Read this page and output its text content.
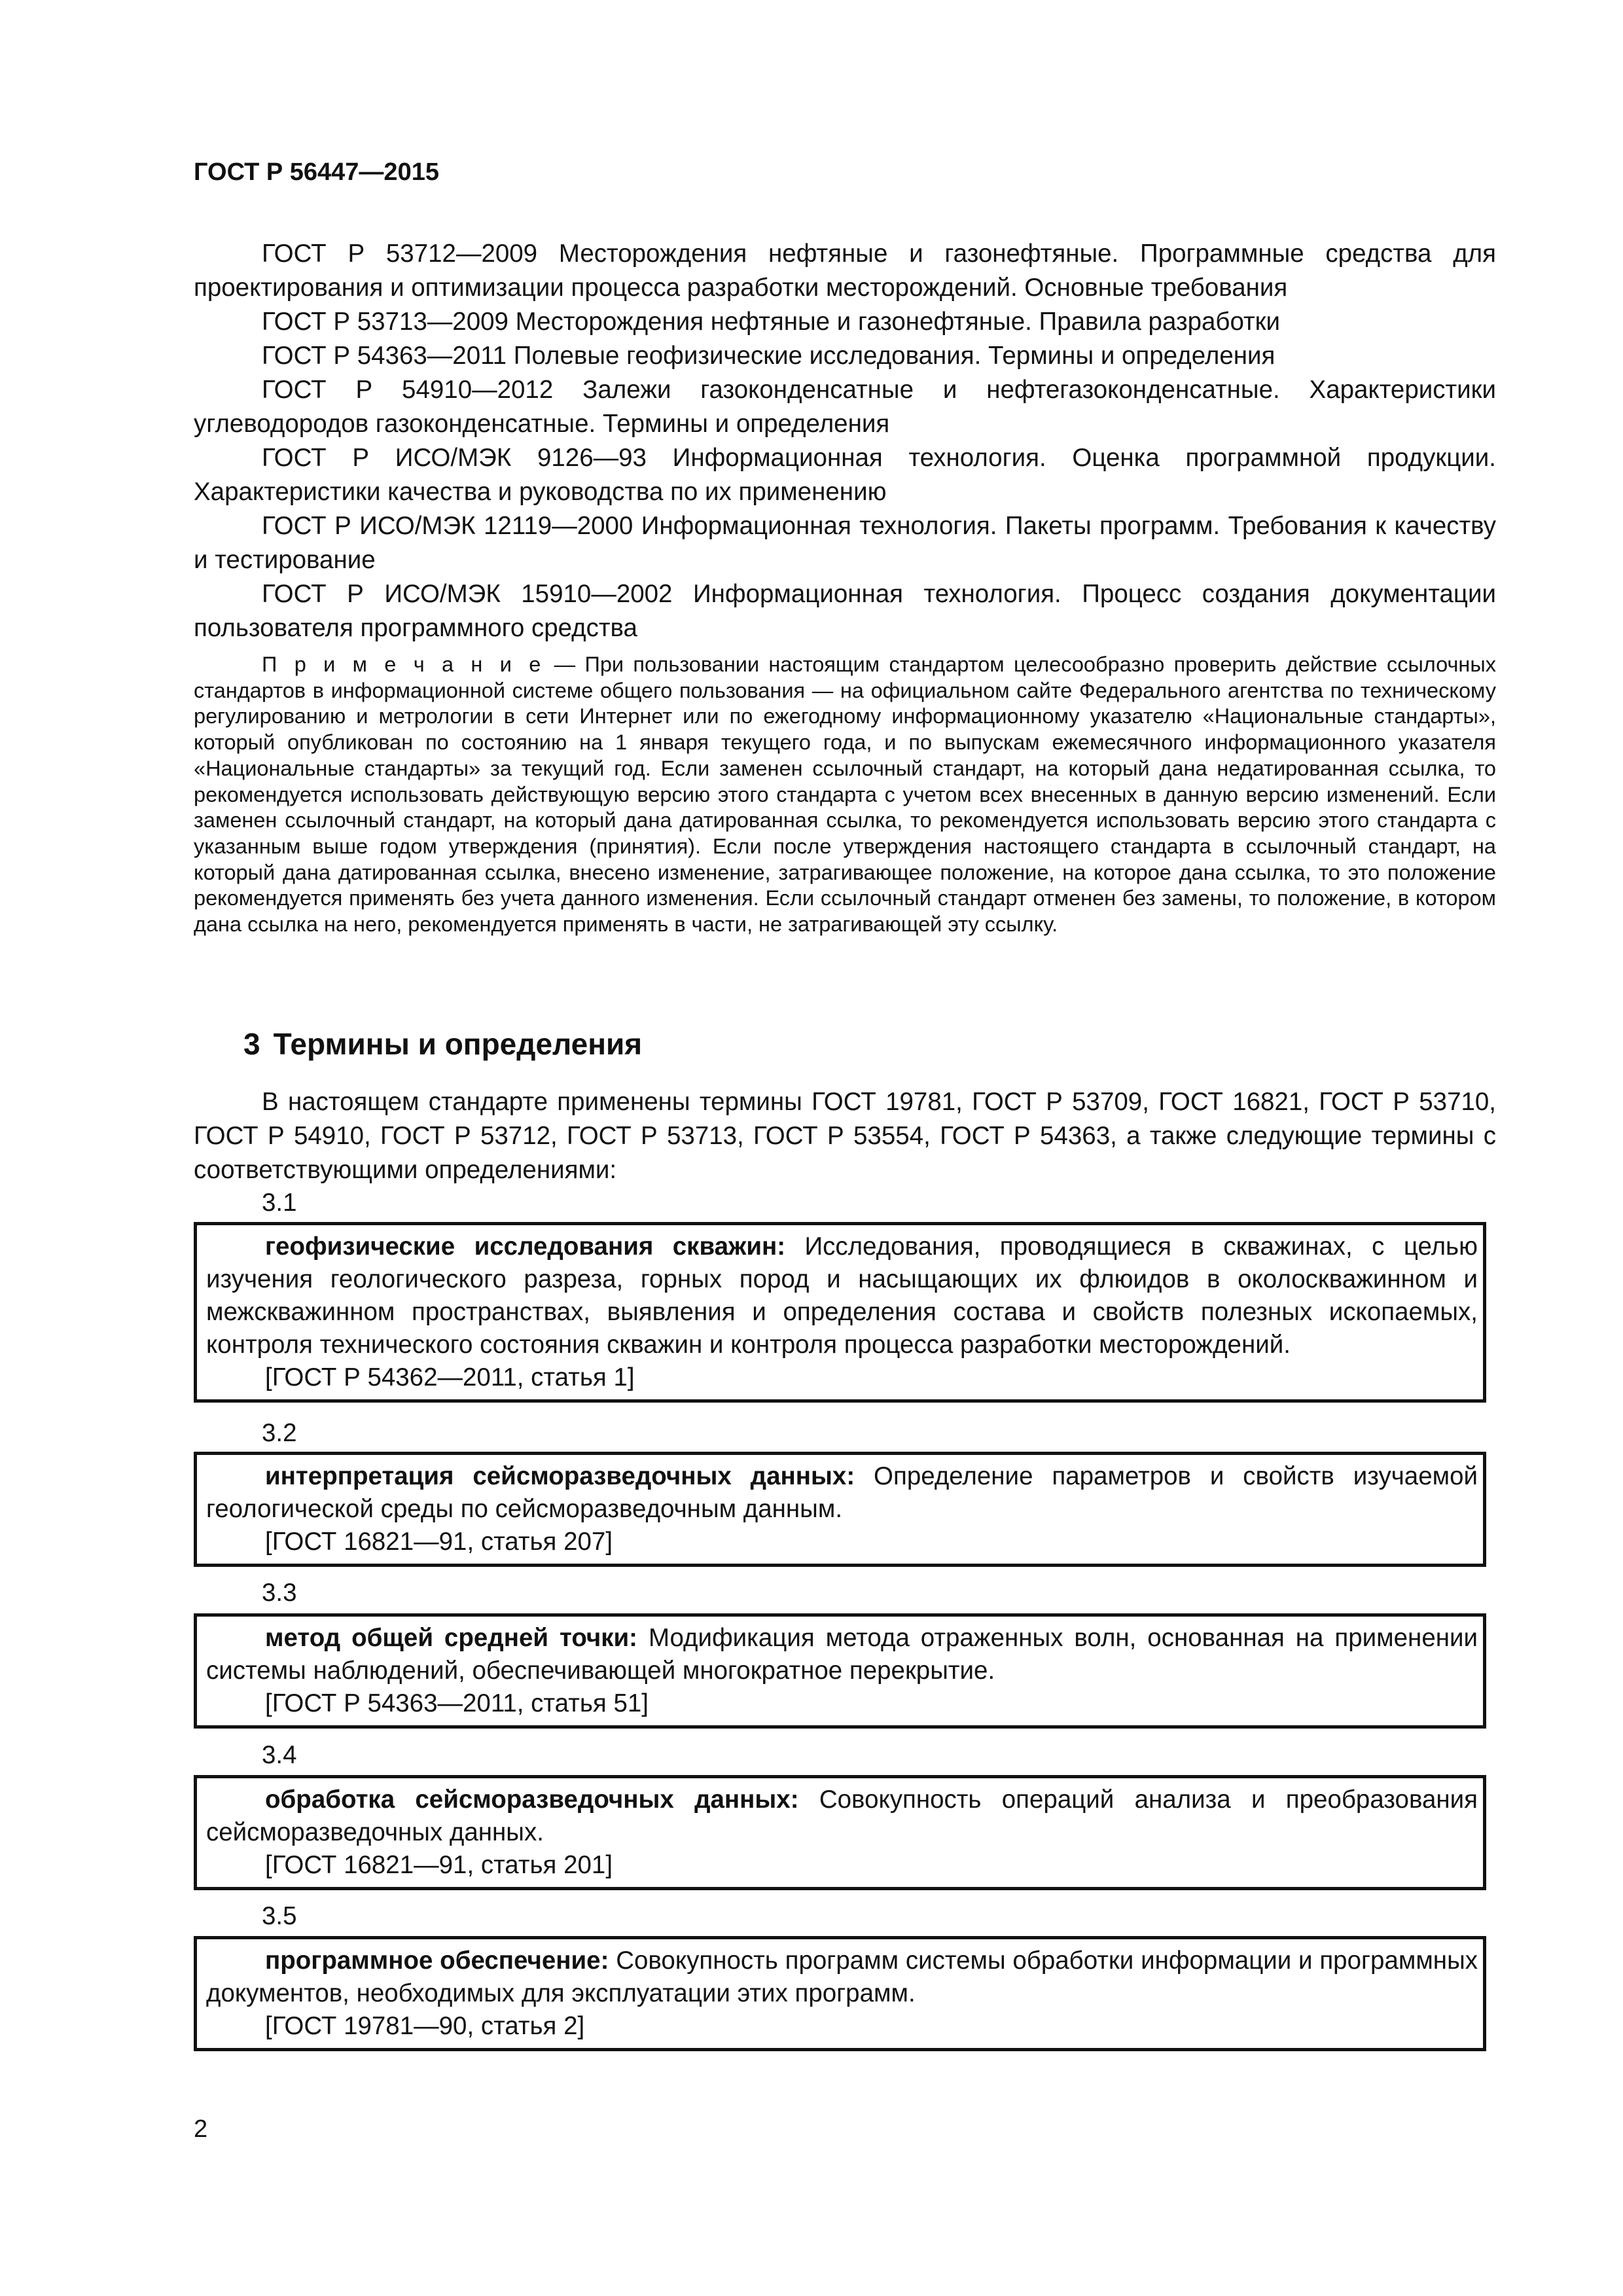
ГОСТ Р 56447—2015

ГОСТ Р 53712—2009 Месторождения нефтяные и газонефтяные. Программные средства для проектирования и оптимизации процесса разработки месторождений. Основные требования

ГОСТ Р 53713—2009 Месторождения нефтяные и газонефтяные. Правила разработки

ГОСТ Р 54363—2011 Полевые геофизические исследования. Термины и определения

ГОСТ Р 54910—2012 Залежи газоконденсатные и нефтегазоконденсатные. Характеристики углеводородов газоконденсатные. Термины и определения

ГОСТ Р ИСО/МЭК 9126—93 Информационная технология. Оценка программной продукции. Характеристики качества и руководства по их применению

ГОСТ Р ИСО/МЭК 12119—2000 Информационная технология. Пакеты программ. Требования к качеству и тестирование

ГОСТ Р ИСО/МЭК 15910—2002 Информационная технология. Процесс создания документации пользователя программного средства

П р и м е ч а н и е — При пользовании настоящим стандартом целесообразно проверить действие ссылочных стандартов в информационной системе общего пользования — на официальном сайте Федерального агентства по техническому регулированию и метрологии в сети Интернет или по ежегодному информационному указателю «Национальные стандарты», который опубликован по состоянию на 1 января текущего года, и по выпускам ежемесячного информационного указателя «Национальные стандарты» за текущий год. Если заменен ссылочный стандарт, на который дана недатированная ссылка, то рекомендуется использовать действующую версию этого стандарта с учетом всех внесенных в данную версию изменений. Если заменен ссылочный стандарт, на который дана датированная ссылка, то рекомендуется использовать версию этого стандарта с указанным выше годом утверждения (принятия). Если после утверждения настоящего стандарта в ссылочный стандарт, на который дана датированная ссылка, внесено изменение, затрагивающее положение, на которое дана ссылка, то это положение рекомендуется применять без учета данного изменения. Если ссылочный стандарт отменен без замены, то положение, в котором дана ссылка на него, рекомендуется применять в части, не затрагивающей эту ссылку.

3 Термины и определения

В настоящем стандарте применены термины ГОСТ 19781, ГОСТ Р 53709, ГОСТ 16821, ГОСТ Р 53710, ГОСТ Р 54910, ГОСТ Р 53712, ГОСТ Р 53713, ГОСТ Р 53554, ГОСТ Р 54363, а также следующие термины с соответствующими определениями:

3.1

геофизические исследования скважин: Исследования, проводящиеся в скважинах, с целью изучения геологического разреза, горных пород и насыщающих их флюидов в околоскважинном и межскважинном пространствах, выявления и определения состава и свойств полезных ископаемых, контроля технического состояния скважин и контроля процесса разработки месторождений.

[ГОСТ Р 54362—2011, статья 1]

3.2

интерпретация сейсморазведочных данных: Определение параметров и свойств изучаемой геологической среды по сейсморазведочным данным.

[ГОСТ 16821—91, статья 207]

3.3

метод общей средней точки: Модификация метода отраженных волн, основанная на применении системы наблюдений, обеспечивающей многократное перекрытие.

[ГОСТ Р 54363—2011, статья 51]

3.4

обработка сейсморазведочных данных: Совокупность операций анализа и преобразования сейсморазведочных данных.

[ГОСТ 16821—91, статья 201]

3.5

программное обеспечение: Совокупность программ системы обработки информации и программных документов, необходимых для эксплуатации этих программ.

[ГОСТ 19781—90, статья 2]

2
